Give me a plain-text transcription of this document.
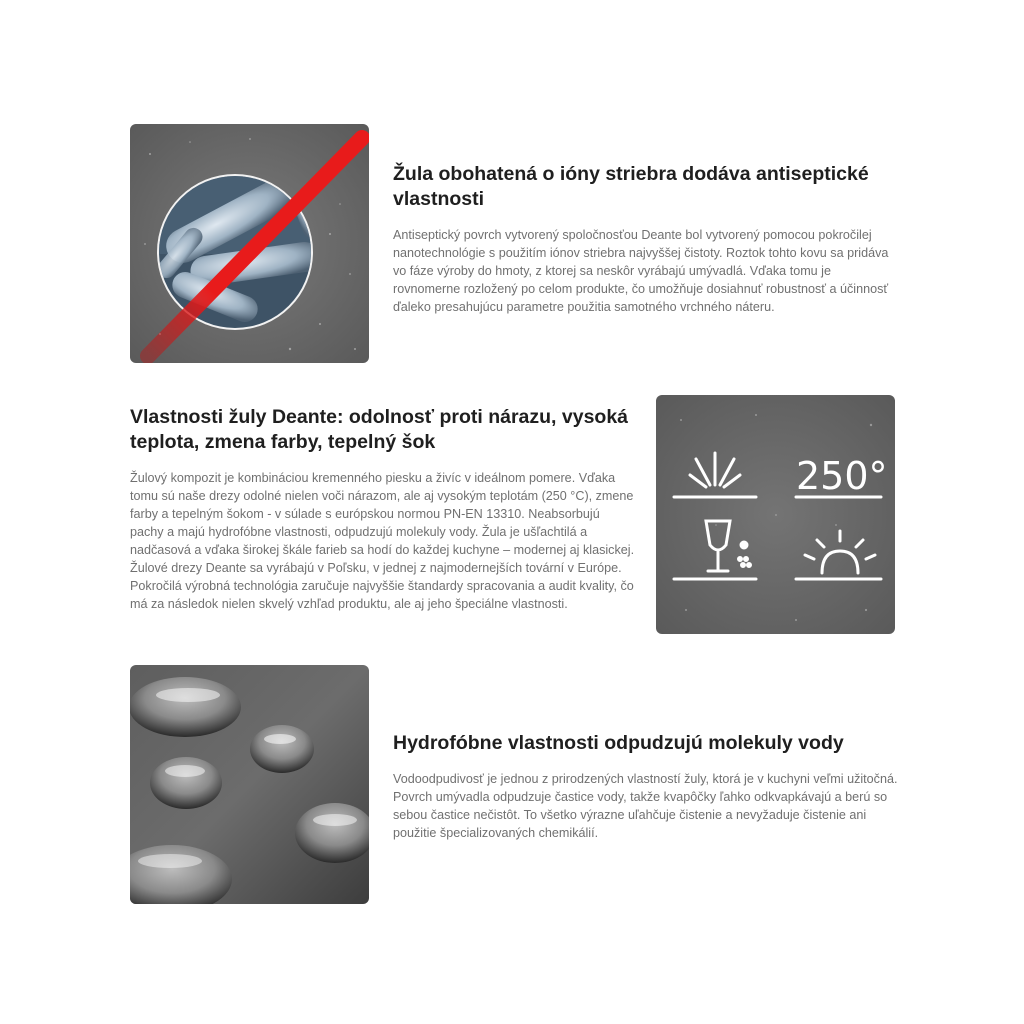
Žula obohatená o ióny striebra dodáva antiseptické vlastnosti

Antiseptický povrch vytvorený spoločnosťou Deante bol vytvorený pomocou pokročilej nanotechnológie s použitím iónov striebra najvyššej čistoty. Roztok tohto kovu sa pridáva vo fáze výroby do hmoty, z ktorej sa neskôr vyrábajú umývadlá. Vďaka tomu je rovnomerne rozložený po celom produkte, čo umožňuje dosiahnuť robustnosť a účinnosť ďaleko presahujúcu parametre použitia samotného vrchného náteru.

Vlastnosti žuly Deante: odolnosť proti nárazu, vysoká teplota, zmena farby, tepelný šok

Žulový kompozit je kombináciou kremenného piesku a živíc v ideálnom pomere. Vďaka tomu sú naše drezy odolné nielen voči nárazom, ale aj vysokým teplotám (250 °C), zmene farby a tepelným šokom - v súlade s európskou normou PN-EN 13310. Neabsorbujú pachy a majú hydrofóbne vlastnosti, odpudzujú molekuly vody. Žula je ušľachtilá a nadčasová a vďaka širokej škále farieb sa hodí do každej kuchyne – modernej aj klasickej. Žulové drezy Deante sa vyrábajú v Poľsku, v jednej z najmodernejších tovární v Európe. Pokročilá výrobná technológia zaručuje najvyššie štandardy spracovania a audit kvality, čo má za následok nielen skvelý vzhľad produktu, ale aj jeho špeciálne vlastnosti.

250°
Hydrofóbne vlastnosti odpudzujú molekuly vody

Vodoodpudivosť je jednou z prirodzených vlastností žuly, ktorá je v kuchyni veľmi užitočná. Povrch umývadla odpudzuje častice vody, takže kvapôčky ľahko odkvapkávajú a berú so sebou častice nečistôt. To všetko výrazne uľahčuje čistenie a nevyžaduje čistenie ani použitie špecializovaných chemikálií.
